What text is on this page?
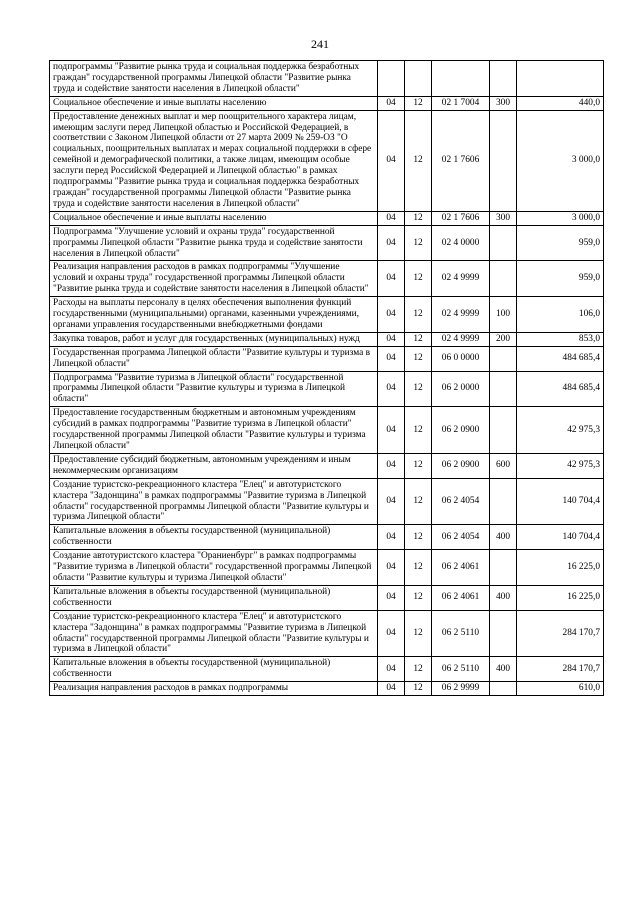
241
подпрограммы "Развитие рынка труда и социальная поддержка безработных граждан" государственной программы Липецкой области "Развитие рынка труда и содействие занятости населения в Липецкой области"					
Социальное обеспечение и иные выплаты населению	04	12	02 1 7004	300	440,0
Предоставление денежных выплат и мер поощрительного характера лицам, имеющим заслуги перед Липецкой областью и Российской Федерацией, в соответствии с Законом Липецкой области от 27 марта 2009 № 259-ОЗ "О социальных, поощрительных выплатах и мерах социальной поддержки в сфере семейной и демографической политики, а также лицам, имеющим особые заслуги перед Российской Федерацией и Липецкой областью" в рамках подпрограммы "Развитие рынка труда и социальная поддержка безработных граждан" государственной программы Липецкой области "Развитие рынка труда и содействие занятости населения в Липецкой области"	04	12	02 1 7606		3 000,0
Социальное обеспечение и иные выплаты населению	04	12	02 1 7606	300	3 000,0
Подпрограмма "Улучшение условий и охраны труда" государственной программы Липецкой области "Развитие рынка труда и содействие занятости населения в Липецкой области"	04	12	02 4 0000		959,0
Реализация направления расходов в рамках подпрограммы "Улучшение условий и охраны труда" государственной программы Липецкой области "Развитие рынка труда и содействие занятости населения в Липецкой области"	04	12	02 4 9999		959,0
Расходы на выплаты персоналу в целях обеспечения выполнения функций государственными (муниципальными) органами, казенными учреждениями, органами управления государственными внебюджетными фондами	04	12	02 4 9999	100	106,0
Закупка товаров, работ и услуг для государственных (муниципальных) нужд	04	12	02 4 9999	200	853,0
Государственная программа Липецкой области "Развитие культуры и туризма в Липецкой области"	04	12	06 0 0000		484 685,4
Подпрограмма "Развитие туризма в Липецкой области" государственной программы Липецкой области "Развитие культуры и туризма в Липецкой области"	04	12	06 2 0000		484 685,4
Предоставление государственным бюджетным и автономным учреждениям субсидий в рамках подпрограммы "Развитие туризма в Липецкой области" государственной программы Липецкой области "Развитие культуры и туризма Липецкой области"	04	12	06 2 0900		42 975,3
Предоставление субсидий бюджетным, автономным учреждениям и иным некоммерческим организациям	04	12	06 2 0900	600	42 975,3
Создание туристско-рекреационного кластера "Елец" и автотуристского кластера "Задонщина" в рамках подпрограммы "Развитие туризма в Липецкой области" государственной программы Липецкой области "Развитие культуры и туризма Липецкой области"	04	12	06 2 4054		140 704,4
Капитальные вложения в объекты государственной (муниципальной) собственности	04	12	06 2 4054	400	140 704,4
Создание автотуристского кластера "Ораниенбург" в рамках подпрограммы "Развитие туризма в Липецкой области" государственной программы Липецкой области "Развитие культуры и туризма Липецкой области"	04	12	06 2 4061		16 225,0
Капитальные вложения в объекты государственной (муниципальной) собственности	04	12	06 2 4061	400	16 225,0
Создание туристско-рекреационного кластера "Елец" и автотуристского кластера "Задонщина" в рамках подпрограммы "Развитие туризма в Липецкой области" государственной программы Липецкой области "Развитие культуры и туризма в Липецкой области"	04	12	06 2 5110		284 170,7
Капитальные вложения в объекты государственной (муниципальной) собственности	04	12	06 2 5110	400	284 170,7
Реализация направления расходов в рамках подпрограммы	04	12	06 2 9999		610,0
